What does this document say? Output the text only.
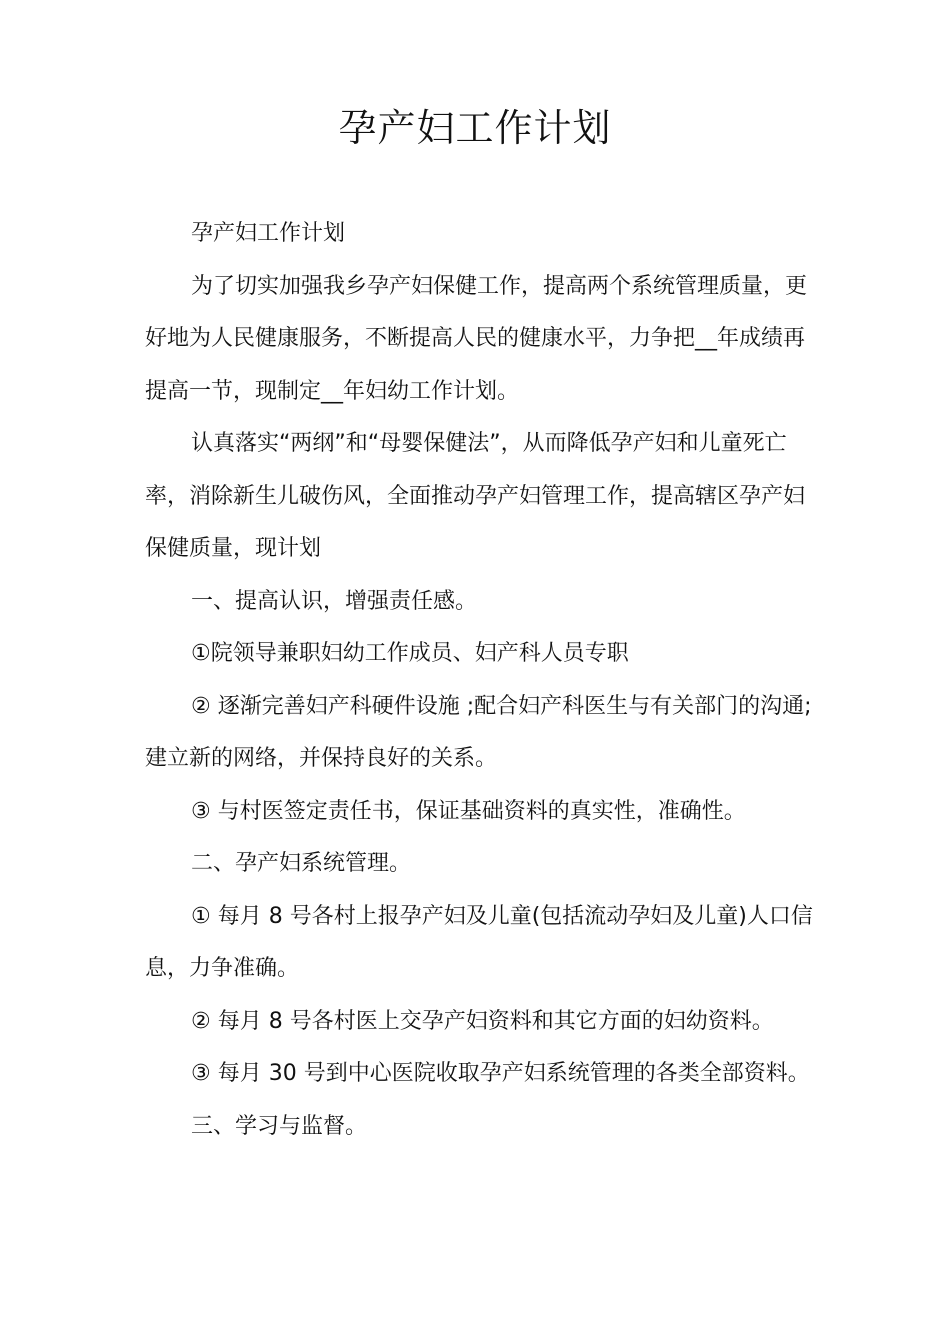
孕产妇工作计划

孕产妇工作计划

为了切实加强我乡孕产妇保健工作，提高两个系统管理质量，更好地为人民健康服务，不断提高人民的健康水平，力争把__年成绩再提高一节，现制定__年妇幼工作计划。

认真落实“两纲”和“母婴保健法”，从而降低孕产妇和儿童死亡率，消除新生儿破伤风，全面推动孕产妇管理工作，提高辖区孕产妇保健质量，现计划

一、提高认识，增强责任感。

①院领导兼职妇幼工作成员、妇产科人员专职

② 逐渐完善妇产科硬件设施 ;配合妇产科医生与有关部门的沟通;建立新的网络，并保持良好的关系。

③ 与村医签定责任书，保证基础资料的真实性，准确性。

二、孕产妇系统管理。

① 每月 8 号各村上报孕产妇及儿童(包括流动孕妇及儿童)人口信息，力争准确。

② 每月 8 号各村医上交孕产妇资料和其它方面的妇幼资料。

③ 每月 30 号到中心医院收取孕产妇系统管理的各类全部资料。

三、学习与监督。
